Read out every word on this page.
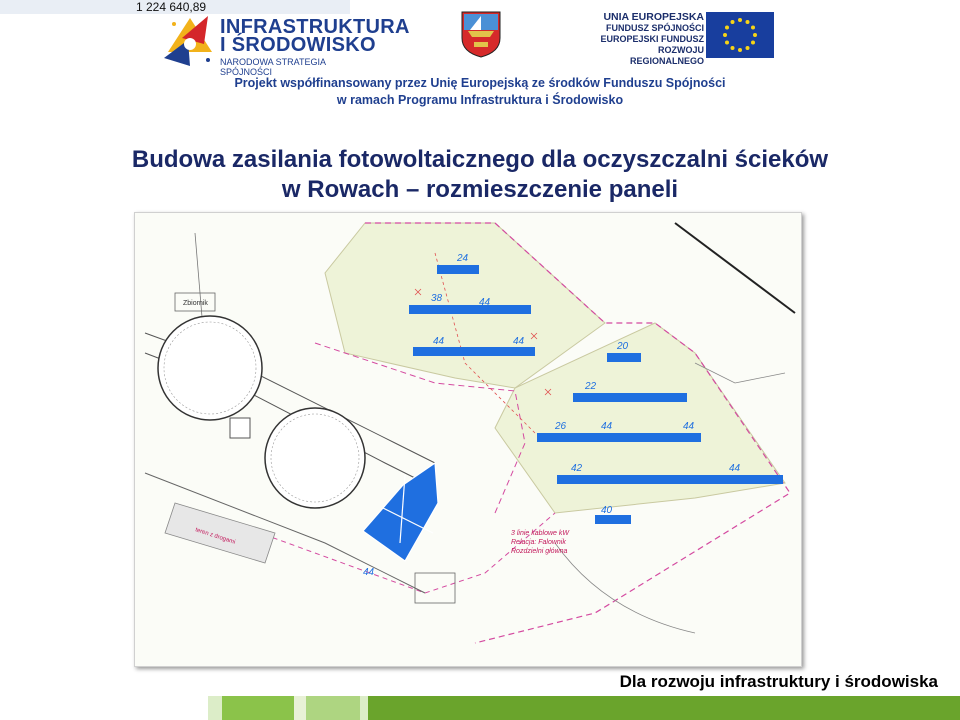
1 224 640,89
INFRASTRUKTURA
I ŚRODOWISKO
NARODOWA STRATEGIA SPÓJNOŚCI
UNIA EUROPEJSKA
FUNDUSZ SPÓJNOŚCI
EUROPEJSKI FUNDUSZ
ROZWOJU REGIONALNEGO
Projekt współfinansowany przez Unię Europejską ze środków Funduszu Spójności
w ramach Programu Infrastruktura i Środowisko
Budowa zasilania fotowoltaicznego dla oczyszczalni ścieków
w Rowach – rozmieszczenie paneli
Zbiornik
teren z drogami
24
38	44
44	44	20
22
26	44	44
42	44
40
44
3 linie kablowe kW
Relacja: Falownik
Rozdzielni główna
Dla rozwoju infrastruktury i środowiska
